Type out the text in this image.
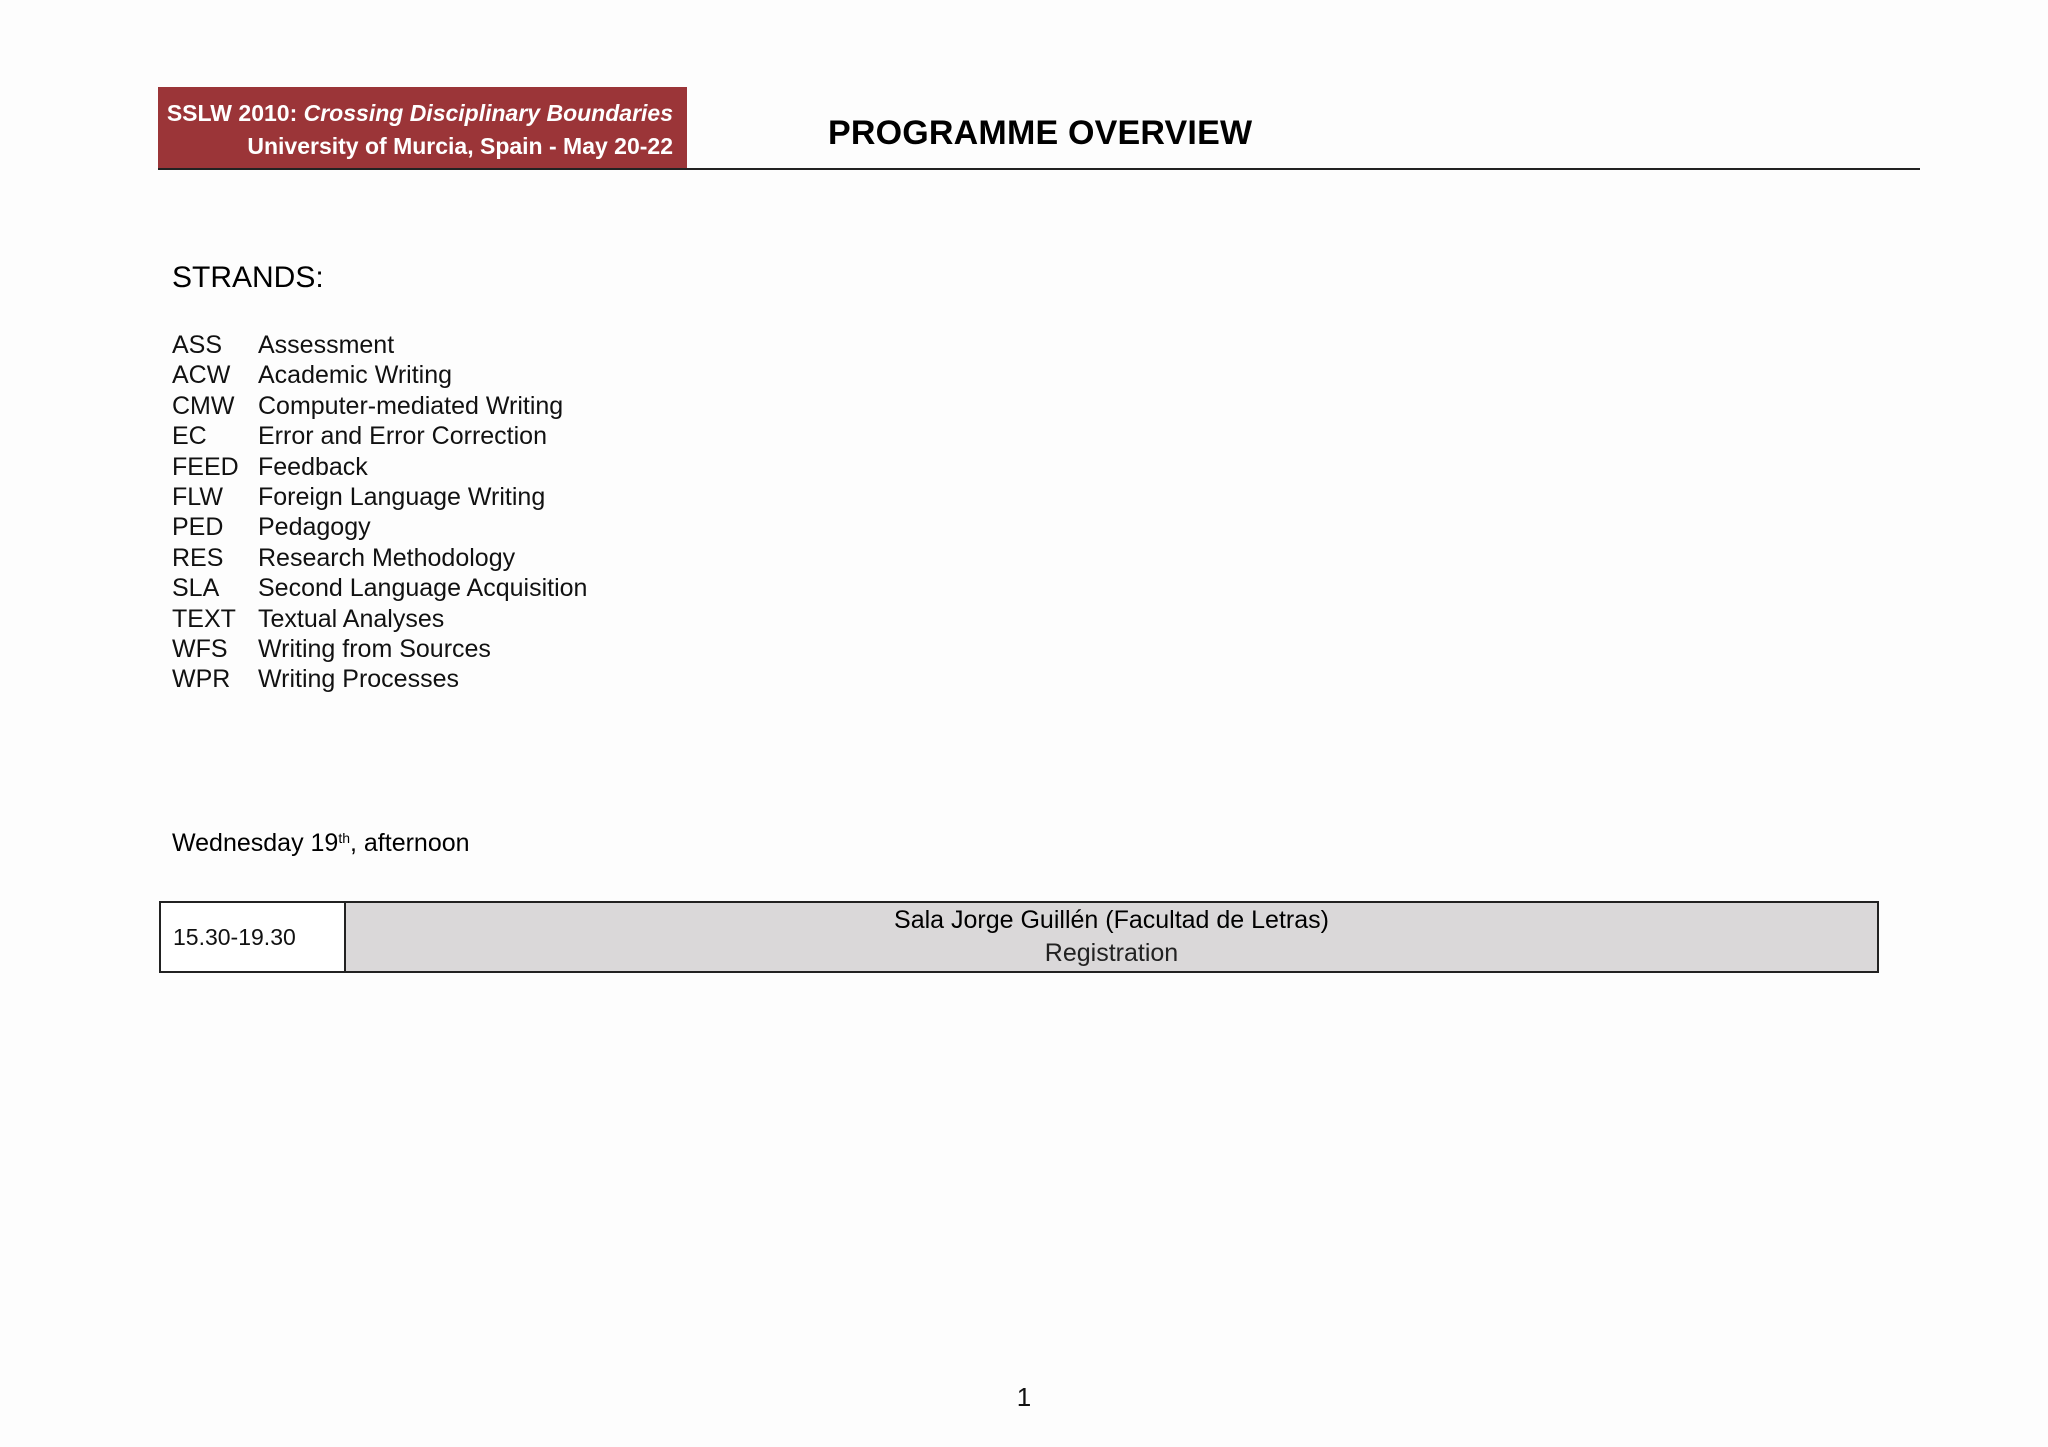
SSLW 2010: Crossing Disciplinary Boundaries
University of Murcia, Spain - May 20-22	PROGRAMME OVERVIEW
STRANDS:
ASS	Assessment
ACW	Academic Writing
CMW Computer-mediated Writing
EC	Error and Error Correction
FEED Feedback
FLW	Foreign Language Writing
PED	Pedagogy
RES	Research Methodology
SLA	Second Language Acquisition
TEXT Textual Analyses
WFS	Writing from Sources
WPR	Writing Processes
Wednesday 19th, afternoon
15.30-19.30
Sala Jorge Guillén (Facultad de Letras)
Registration
1
